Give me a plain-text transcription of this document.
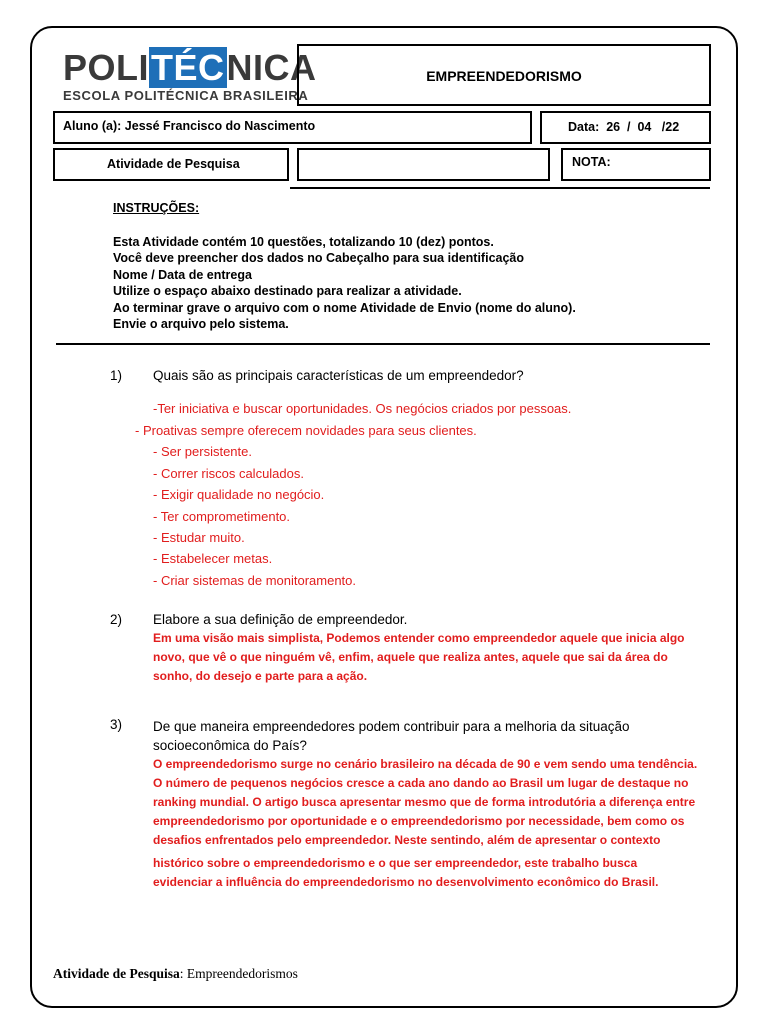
POLITÉCNICA
ESCOLA POLITÉCNICA BRASILEIRA
EMPREENDEDORISMO
Aluno (a): Jessé Francisco do Nascimento	Data:  26  /  04   /22
Atividade de Pesquisa	NOTA:
INSTRUÇÕES:
Esta Atividade contém 10 questões, totalizando 10 (dez) pontos.
Você deve preencher dos dados no Cabeçalho para sua identificação
Nome / Data de entrega
Utilize o espaço abaixo destinado para realizar a atividade.
Ao terminar grave o arquivo com o nome Atividade de Envio (nome do aluno).
Envie o arquivo pelo sistema.
1) Quais são as principais características de um empreendedor?
-Ter iniciativa e buscar oportunidades. Os negócios criados por pessoas.
- Proativas sempre oferecem novidades para seus clientes.
- Ser persistente.
- Correr riscos calculados.
- Exigir qualidade no negócio.
- Ter comprometimento.
- Estudar muito.
- Estabelecer metas.
- Criar sistemas de monitoramento.
2) Elabore a sua definição de empreendedor.
Em uma visão mais simplista, Podemos entender como empreendedor aquele que inicia algo
novo, que vê o que ninguém vê, enfim, aquele que realiza antes, aquele que sai da área do
sonho, do desejo e parte para a ação.
3) De que maneira empreendedores podem contribuir para a melhoria da situação
socioeconômica do País?
O empreendedorismo surge no cenário brasileiro na década de 90 e vem sendo uma tendência.
O número de pequenos negócios cresce a cada ano dando ao Brasil um lugar de destaque no
ranking mundial. O artigo busca apresentar mesmo que de forma introdutória a diferença entre
empreendedorismo por oportunidade e o empreendedorismo por necessidade, bem como os
desafios enfrentados pelo empreendedor. Neste sentindo, além de apresentar o contexto
histórico sobre o empreendedorismo e o que ser empreendedor, este trabalho busca
evidenciar a influência do empreendedorismo no desenvolvimento econômico do Brasil.
Atividade de Pesquisa: Empreendedorismos
